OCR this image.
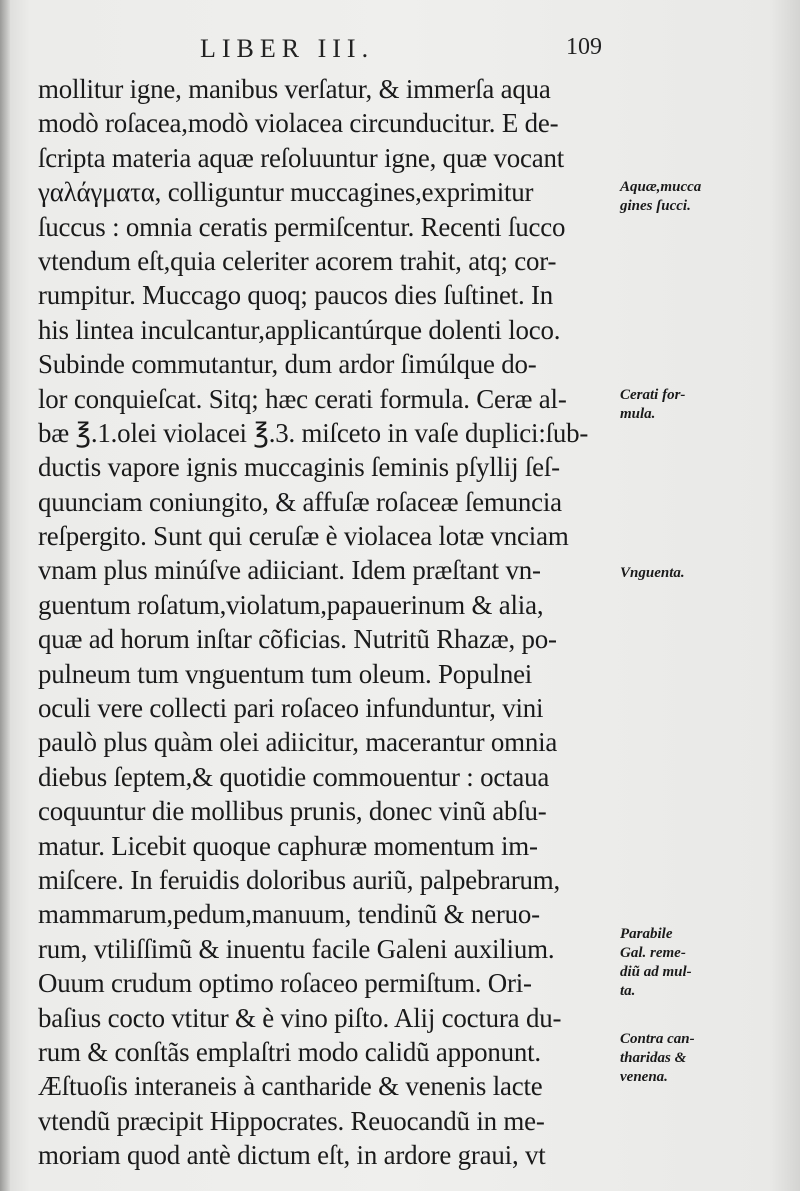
LIBER III.	109
mollitur igne, manibus verſatur, & immerſa aqua
modò roſacea,modò violacea circunducitur. E de-
ſcripta materia aquæ reſoluuntur igne, quæ vocant
γαλάγματα, colliguntur muccagines,exprimitur
ſuccus : omnia ceratis permiſcentur. Recenti ſucco
vtendum eſt,quia celeriter acorem trahit, atq; cor-
rumpitur. Muccago quoq; paucos dies ſuſtinet. In
his lintea inculcantur,applicantúrque dolenti loco.
Subinde commutantur, dum ardor ſimúlque do-
lor conquieſcat. Sitq; hæc cerati formula. Ceræ al-
bæ ℥.1.olei violacei ℥.3. miſceto in vaſe duplici:ſub-
ductis vapore ignis muccaginis ſeminis pſyllij ſeſ-
quunciam coniungito, & affuſæ roſaceæ ſemuncia
reſpergito. Sunt qui ceruſæ è violacea lotæ vnciam
vnam plus minúſve adiiciant. Idem præſtant vn-
guentum roſatum,violatum,papauerinum & alia,
quæ ad horum inſtar cõficias. Nutritũ Rhazæ, po-
pulneum tum vnguentum tum oleum. Populnei
oculi vere collecti pari roſaceo infunduntur, vini
paulò plus quàm olei adiicitur, macerantur omnia
diebus ſeptem,& quotidie commouentur : octaua
coquuntur die mollibus prunis, donec vinũ abſu-
matur. Licebit quoque caphuræ momentum im-
miſcere. In feruidis doloribus auriũ, palpebrarum,
mammarum,pedum,manuum, tendinũ & neruo-
rum, vtiliſſimũ & inuentu facile Galeni auxilium.
Ouum crudum optimo roſaceo permiſtum. Ori-
baſius cocto vtitur & è vino piſto. Alij coctura du-
rum & conſtãs emplaſtri modo calidũ apponunt.
Æſtuoſis interaneis à cantharide & venenis lacte
vtendũ præcipit Hippocrates. Reuocandũ in me-
moriam quod antè dictum eſt, in ardore graui, vt
Aquæ,mucca
gines ſucci.
Cerati for-
mula.
Vnguenta.
Parabile
Gal. reme-
diũ ad mul-
ta.
Contra can-
tharidas &
venena.
